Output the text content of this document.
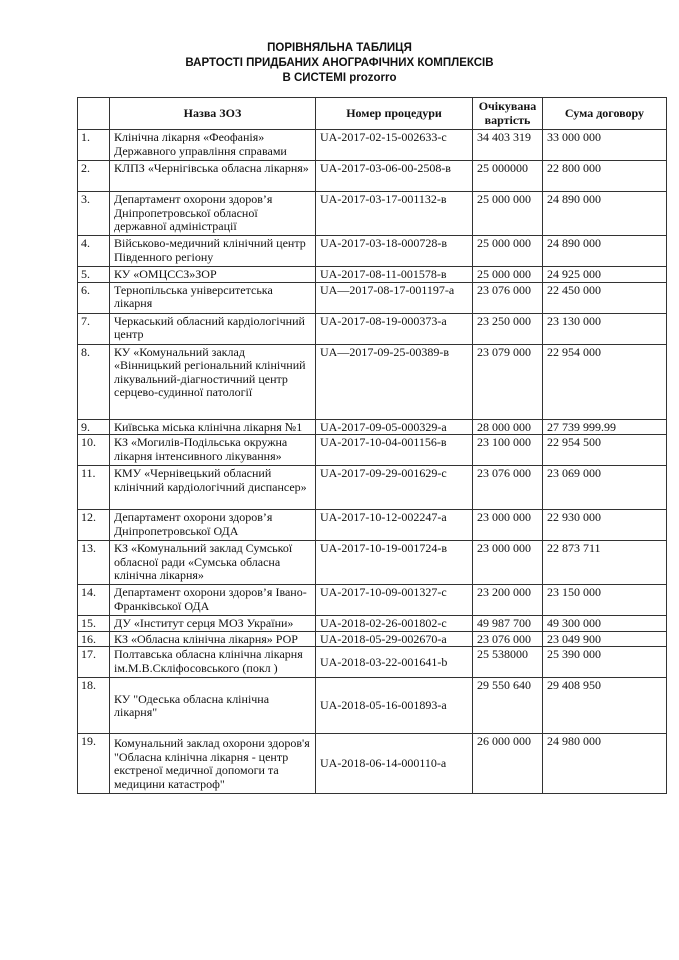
ПОРІВНЯЛЬНА ТАБЛИЦЯ
ВАРТОСТІ ПРИДБАНИХ АНОГРАФІЧНИХ КОМПЛЕКСІВ
В СИСТЕМІ prozorro
	Назва ЗОЗ	Номер процедури	Очікувана вартість	Сума договору
1.	Клінічна лікарня «Феофанія» Державного управління справами	UA-2017-02-15-002633-c	34 403 319	33 000 000
2.	КЛПЗ «Чернігівська обласна лікарня»	UA-2017-03-06-00-2508-в	25 000000	22 800 000
3.	Департамент охорони здоров’я Дніпропетровської обласної державної адміністрації	UA-2017-03-17-001132-в	25 000 000	24 890 000
4.	Військово-медичний клінічний центр Південного регіону	UA-2017-03-18-000728-в	25 000 000	24 890 000
5.	КУ «ОМЦССЗ»ЗОР	UA-2017-08-11-001578-в	25 000 000	24 925 000
6.	Тернопільська університетська лікарня	UA—2017-08-17-001197-a	23 076 000	22 450 000
7.	Черкаський обласний кардіологічний центр	UA-2017-08-19-000373-a	23 250 000	23 130 000
8.	КУ «Комунальний заклад «Вінницький регіональний клінічний лікувальний-діагностичний центр серцево-судинної патології	UA—2017-09-25-00389-в	23 079 000	22 954 000
9.	Київська міська клінічна лікарня №1	UA-2017-09-05-000329-a	28 000 000	27 739 999.99
10.	КЗ «Могилів-Подільська окружна лікарня інтенсивного лікування»	UA-2017-10-04-001156-в	23 100 000	22 954 500
11.	КМУ «Чернівецький обласний клінічний кардіологічний диспансер»	UA-2017-09-29-001629-c	23 076 000	23 069 000
12.	Департамент охорони здоров’я Дніпропетровської ОДА	UA-2017-10-12-002247-a	23 000 000	22 930 000
13.	КЗ «Комунальний заклад Сумської обласної ради «Сумська обласна клінічна лікарня»	UA-2017-10-19-001724-в	23 000 000	22 873 711
14.	Департамент охорони здоров’я Івано-Франківської ОДА	UA-2017-10-09-001327-c	23 200 000	23 150 000
15.	ДУ «Інститут серця МОЗ України»	UA-2018-02-26-001802-c	49 987 700	49 300 000
16.	КЗ «Обласна клінічна лікарня» РОР	UA-2018-05-29-002670-a	23 076 000	23 049 900
17.	Полтавська обласна клінічна лікарня ім.М.В.Скліфосовського (покл )	UA-2018-03-22-001641-b	25 538000	25 390 000
18.	КУ "Одеська обласна клінічна лікарня"	UA-2018-05-16-001893-a	29 550 640	29 408 950
19.	Комунальний заклад охорони здоров'я "Обласна клінічна лікарня - центр екстреної медичної допомоги та медицини катастроф"	UA-2018-06-14-000110-a	26 000 000	24 980 000
